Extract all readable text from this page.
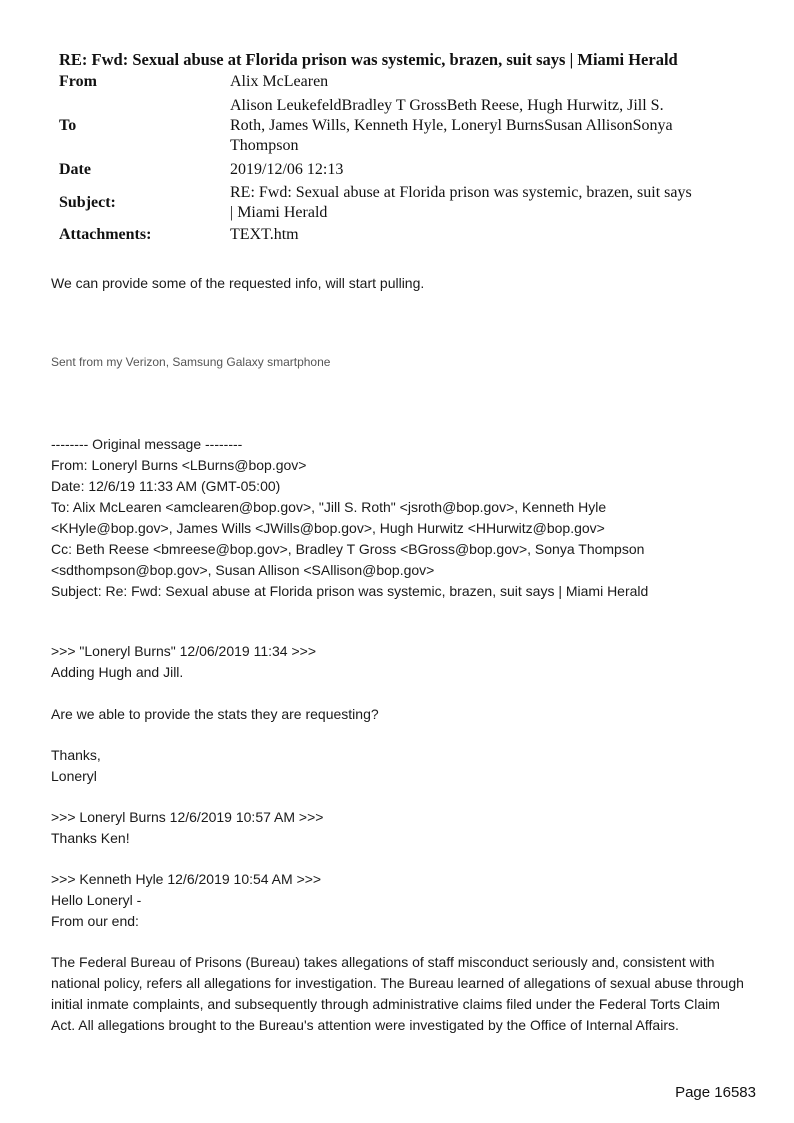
RE: Fwd: Sexual abuse at Florida prison was systemic, brazen, suit says | Miami Herald
From	Alix McLearen
To	Alison LeukefeldBradley T GrossBeth Reese, Hugh Hurwitz, Jill S.
Roth, James Wills, Kenneth Hyle, Loneryl BurnsSusan AllisonSonya
Thompson

Date	2019/12/06 12:13
Subject:	RE: Fwd: Sexual abuse at Florida prison was systemic, brazen, suit says
| Miami Herald

Attachments:	TEXT.htm
We can provide some of the requested info, will start pulling.
Sent from my Verizon, Samsung Galaxy smartphone
-------- Original message --------
From: Loneryl Burns <LBurns@bop.gov>
Date: 12/6/19 11:33 AM (GMT-05:00)
To: Alix McLearen <amclearen@bop.gov>, "Jill S. Roth" <jsroth@bop.gov>, Kenneth Hyle
<KHyle@bop.gov>, James Wills <JWills@bop.gov>, Hugh Hurwitz <HHurwitz@bop.gov>
Cc: Beth Reese <bmreese@bop.gov>, Bradley T Gross <BGross@bop.gov>, Sonya Thompson
<sdthompson@bop.gov>, Susan Allison <SAllison@bop.gov>
Subject: Re: Fwd: Sexual abuse at Florida prison was systemic, brazen, suit says | Miami Herald
>>> "Loneryl Burns" 12/06/2019 11:34 >>>
Adding Hugh and Jill.
Are we able to provide the stats they are requesting?
Thanks,
Loneryl
>>> Loneryl Burns 12/6/2019 10:57 AM >>>
Thanks Ken!
>>> Kenneth Hyle 12/6/2019 10:54 AM >>>
Hello Loneryl -
From our end:
The Federal Bureau of Prisons (Bureau) takes allegations of staff misconduct seriously and, consistent with national policy, refers all allegations for investigation. The Bureau learned of allegations of sexual abuse through initial inmate complaints, and subsequently through administrative claims filed under the Federal Torts Claim Act. All allegations brought to the Bureau's attention were investigated by the Office of Internal Affairs.
Page 16583
